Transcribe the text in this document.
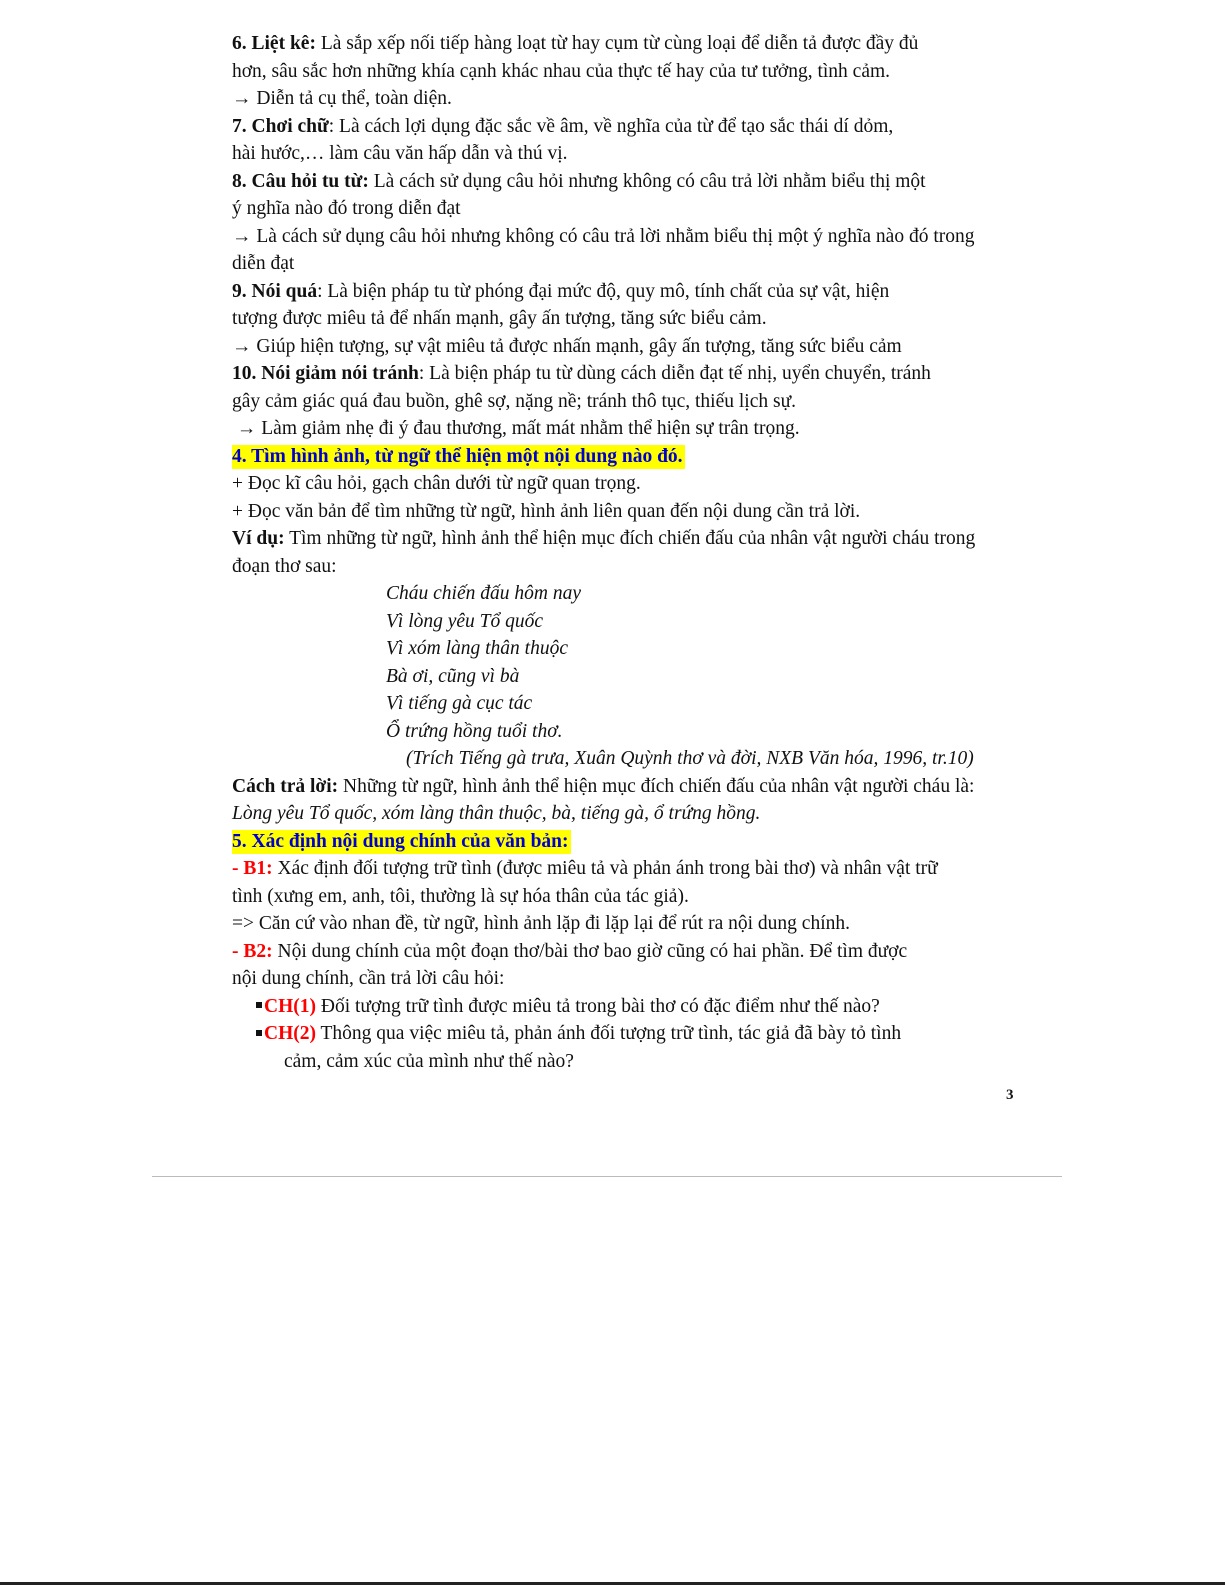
6. Liệt kê: Là sắp xếp nối tiếp hàng loạt từ hay cụm từ cùng loại để diễn tả được đầy đủ
hơn, sâu sắc hơn những khía cạnh khác nhau của thực tế hay của tư tưởng, tình cảm.
→ Diễn tả cụ thể, toàn diện.
7. Chơi chữ: Là cách lợi dụng đặc sắc về âm, về nghĩa của từ để tạo sắc thái dí dỏm,
hài hước,… làm câu văn hấp dẫn và thú vị.
8. Câu hỏi tu từ: Là cách sử dụng câu hỏi nhưng không có câu trả lời nhằm biểu thị một
ý nghĩa nào đó trong diễn đạt
→ Là cách sử dụng câu hỏi nhưng không có câu trả lời nhằm biểu thị một ý nghĩa nào đó trong
diễn đạt
9. Nói quá: Là biện pháp tu từ phóng đại mức độ, quy mô, tính chất của sự vật, hiện
tượng được miêu tả để nhấn mạnh, gây ấn tượng, tăng sức biểu cảm.
→ Giúp hiện tượng, sự vật miêu tả được nhấn mạnh, gây ấn tượng, tăng sức biểu cảm
10. Nói giảm nói tránh: Là biện pháp tu từ dùng cách diễn đạt tế nhị, uyển chuyển, tránh
gây cảm giác quá đau buồn, ghê sợ, nặng nề; tránh thô tục, thiếu lịch sự.
→ Làm giảm nhẹ đi ý đau thương, mất mát nhằm thể hiện sự trân trọng.
4. Tìm hình ảnh, từ ngữ thể hiện một nội dung nào đó.
+ Đọc kĩ câu hỏi, gạch chân dưới từ ngữ quan trọng.
+ Đọc văn bản để tìm những từ ngữ, hình ảnh liên quan đến nội dung cần trả lời.
Ví dụ: Tìm những từ ngữ, hình ảnh thể hiện mục đích chiến đấu của nhân vật người cháu trong
đoạn thơ sau:
Cháu chiến đấu hôm nay
Vì lòng yêu Tổ quốc
Vì xóm làng thân thuộc
Bà ơi, cũng vì bà
Vì tiếng gà cục tác
Ổ trứng hồng tuổi thơ.
(Trích Tiếng gà trưa, Xuân Quỳnh thơ và đời, NXB Văn hóa, 1996, tr.10)
Cách trả lời: Những từ ngữ, hình ảnh thể hiện mục đích chiến đấu của nhân vật người cháu là:
Lòng yêu Tổ quốc, xóm làng thân thuộc, bà, tiếng gà, ổ trứng hồng.
5. Xác định nội dung chính của văn bản:
- B1: Xác định đối tượng trữ tình (được miêu tả và phản ánh trong bài thơ) và nhân vật trữ
tình (xưng em, anh, tôi, thường là sự hóa thân của tác giả).
=> Căn cứ vào nhan đề, từ ngữ, hình ảnh lặp đi lặp lại để rút ra nội dung chính.
- B2: Nội dung chính của một đoạn thơ/bài thơ bao giờ cũng có hai phần. Để tìm được
nội dung chính, cần trả lời câu hỏi:
CH(1) Đối tượng trữ tình được miêu tả trong bài thơ có đặc điểm như thế nào?
CH(2) Thông qua việc miêu tả, phản ánh đối tượng trữ tình, tác giả đã bày tỏ tình
cảm, cảm xúc của mình như thế nào?
3
